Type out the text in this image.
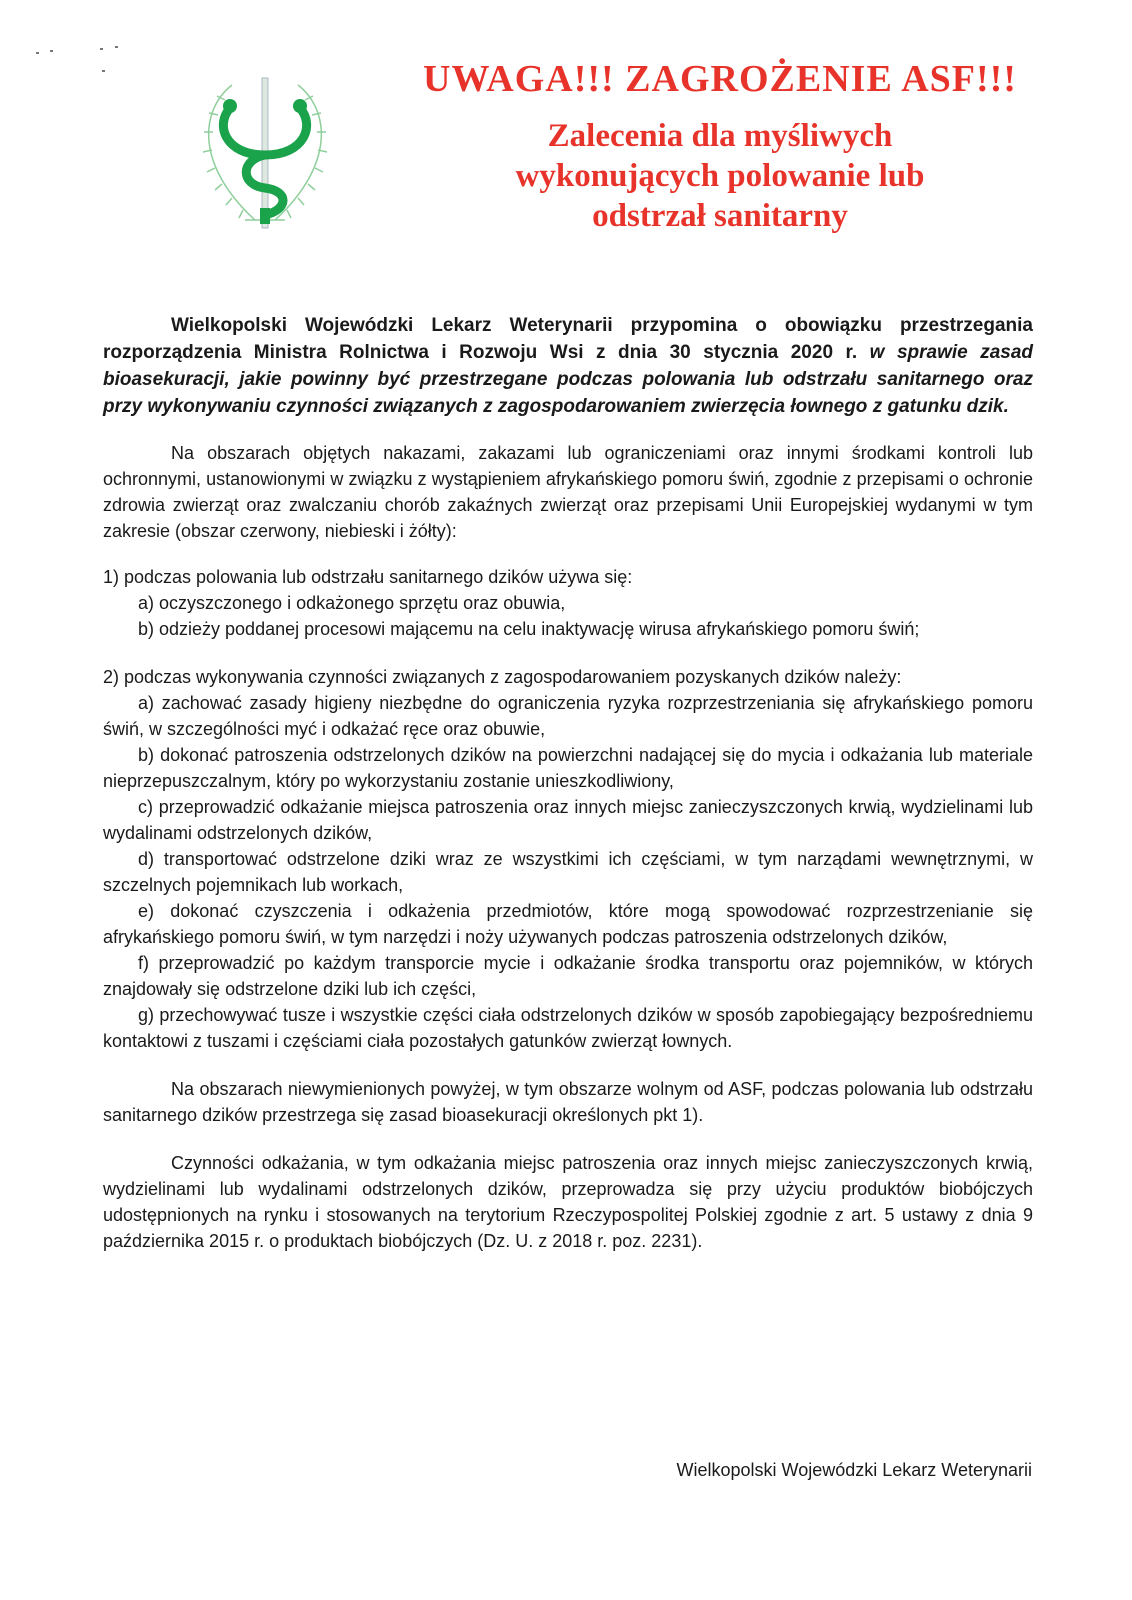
UWAGA!!! ZAGROŻENIE ASF!!!
Zalecenia dla myśliwych
wykonujących polowanie lub
odstrzał sanitarny

Wielkopolski Wojewódzki Lekarz Weterynarii przypomina o obowiązku przestrzegania rozporządzenia Ministra Rolnictwa i Rozwoju Wsi z dnia 30 stycznia 2020 r. w sprawie zasad bioasekuracji, jakie powinny być przestrzegane podczas polowania lub odstrzału sanitarnego oraz przy wykonywaniu czynności związanych z zagospodarowaniem zwierzęcia łownego z gatunku dzik.

Na obszarach objętych nakazami, zakazami lub ograniczeniami oraz innymi środkami kontroli lub ochronnymi, ustanowionymi w związku z wystąpieniem afrykańskiego pomoru świń, zgodnie z przepisami o ochronie zdrowia zwierząt oraz zwalczaniu chorób zakaźnych zwierząt oraz przepisami Unii Europejskiej wydanymi w tym zakresie (obszar czerwony, niebieski i żółty):

1) podczas polowania lub odstrzału sanitarnego dzików używa się:

a) oczyszczonego i odkażonego sprzętu oraz obuwia,

b) odzieży poddanej procesowi mającemu na celu inaktywację wirusa afrykańskiego pomoru świń;

2) podczas wykonywania czynności związanych z zagospodarowaniem pozyskanych dzików należy:

a) zachować zasady higieny niezbędne do ograniczenia ryzyka rozprzestrzeniania się afrykańskiego pomoru świń, w szczególności myć i odkażać ręce oraz obuwie,

b) dokonać patroszenia odstrzelonych dzików na powierzchni nadającej się do mycia i odkażania lub materiale nieprzepuszczalnym, który po wykorzystaniu zostanie unieszkodliwiony,

c) przeprowadzić odkażanie miejsca patroszenia oraz innych miejsc zanieczyszczonych krwią, wydzielinami lub wydalinami odstrzelonych dzików,

d) transportować odstrzelone dziki wraz ze wszystkimi ich częściami, w tym narządami wewnętrznymi, w szczelnych pojemnikach lub workach,

e) dokonać czyszczenia i odkażenia przedmiotów, które mogą spowodować rozprzestrzenianie się afrykańskiego pomoru świń, w tym narzędzi i noży używanych podczas patroszenia odstrzelonych dzików,

f) przeprowadzić po każdym transporcie mycie i odkażanie środka transportu oraz pojemników, w których znajdowały się odstrzelone dziki lub ich części,

g) przechowywać tusze i wszystkie części ciała odstrzelonych dzików w sposób zapobiegający bezpośredniemu kontaktowi z tuszami i częściami ciała pozostałych gatunków zwierząt łownych.

Na obszarach niewymienionych powyżej, w tym obszarze wolnym od ASF, podczas polowania lub odstrzału sanitarnego dzików przestrzega się zasad bioasekuracji określonych pkt 1).

Czynności odkażania, w tym odkażania miejsc patroszenia oraz innych miejsc zanieczyszczonych krwią, wydzielinami lub wydalinami odstrzelonych dzików, przeprowadza się przy użyciu produktów biobójczych udostępnionych na rynku i stosowanych na terytorium Rzeczypospolitej Polskiej zgodnie z art. 5 ustawy z dnia 9 października 2015 r. o produktach biobójczych (Dz. U. z 2018 r. poz. 2231).

Wielkopolski Wojewódzki Lekarz Weterynarii
